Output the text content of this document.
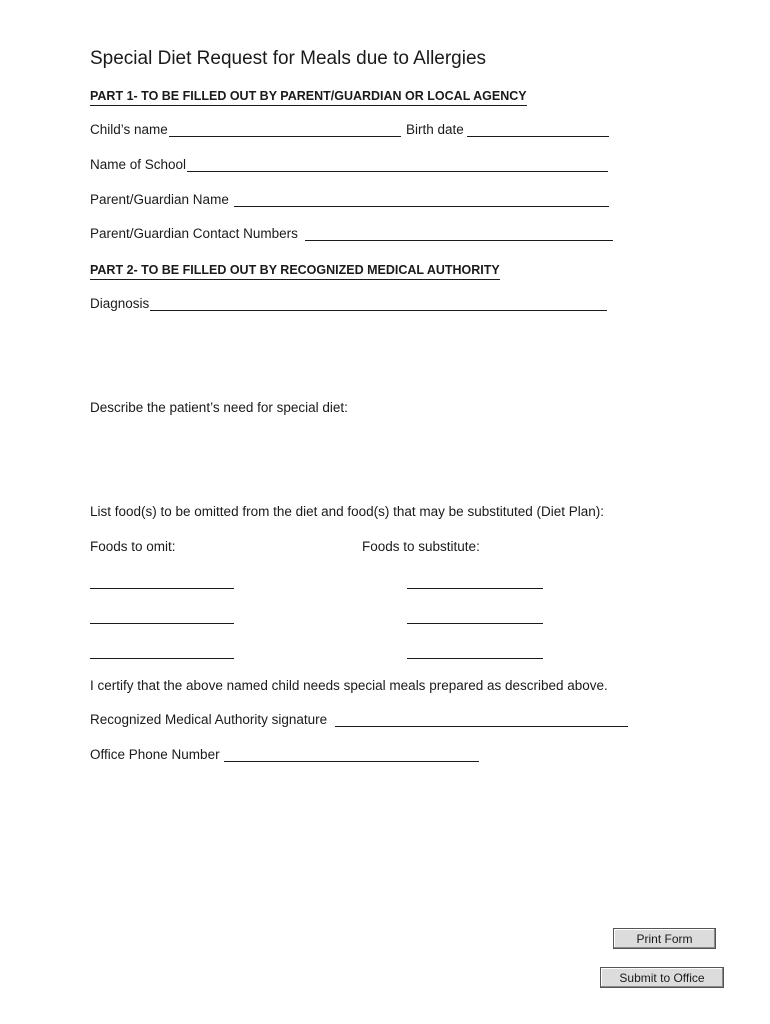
Special Diet Request for Meals due to Allergies
PART 1- TO BE FILLED OUT BY PARENT/GUARDIAN OR LOCAL AGENCY
Child’s name	Birth date
Name of School
Parent/Guardian Name
Parent/Guardian Contact Numbers
PART 2- TO BE FILLED OUT BY RECOGNIZED MEDICAL AUTHORITY
Diagnosis
Describe the patient’s need for special diet:
List food(s) to be omitted from the diet and food(s) that may be substituted (Diet Plan):
Foods to omit:	Foods to substitute:
I certify that the above named child needs special meals prepared as described above.
Recognized Medical Authority signature
Office Phone Number
Print Form
Submit to Office
